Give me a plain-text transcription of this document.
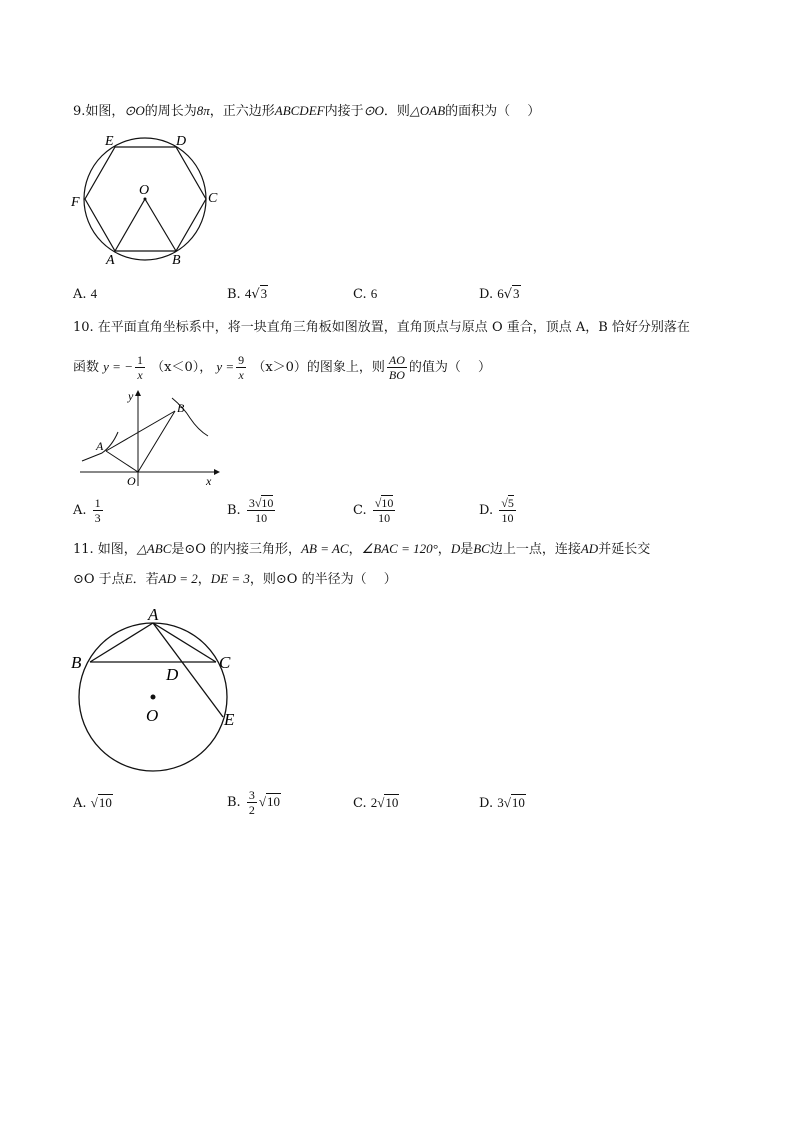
9.如图，⊙O的周长为8π，正六边形ABCDEF内接于⊙O．则△OAB的面积为（　 ）
E	D
O
F	C
A	B
A. 4	B. 4√3	C. 6	D. 6√3
10. 在平面直角坐标系中，将一块直角三角板如图放置，直角顶点与原点 O 重合，顶点 A，B 恰好分别落在
函数 y = − $\frac{1}{x} (x<0)$， $y = \frac{9}{x} (x>0)$的图象上，则 $\frac{AO}{BO}$ 的值为（　 ）
y
x
A
B
O
A. $\frac{1}{3}$	B. $\frac{3√10}{10}$	C. $\frac{√10}{10}$	D. $\frac{√5}{10}$
11. 如图，△ABC是⊙O 的内接三角形，AB = AC，∠BAC = 120°，D是BC边上一点，连接AD并延长交
⊙O 于点E．若AD = 2，DE = 3，则⊙O 的半径为（　 ）
A
B	C
D
O	E
A. √10	B. $\frac{3}{2} √10$	C. 2√10	D. 3√10
